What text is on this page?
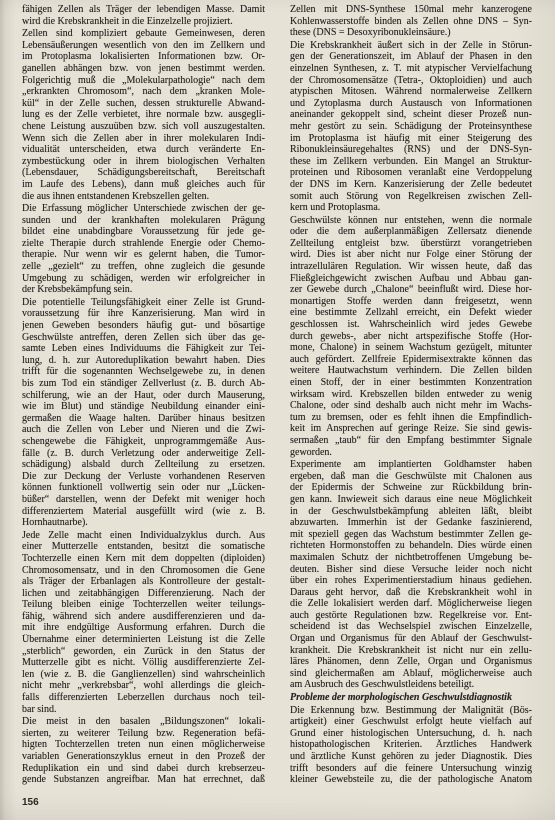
fähigen Zellen als Träger der lebendigen Masse. Damit
wird die Krebskrankheit in die Einzelzelle projiziert.
Zellen sind kompliziert gebaute Gemeinwesen, deren
Lebensäußerungen wesentlich von den im Zellkern und
im Protoplasma lokalisierten Informationen bzw. Or-
ganellen abhängen bzw. von jenen bestimmt werden.
Folgerichtig muß die „Molekularpathologie“ nach dem
„erkrankten Chromosom“, nach dem „kranken Mole-
kül“ in der Zelle suchen, dessen strukturelle Abwand-
lung es der Zelle verbietet, ihre normale bzw. ausgegli-
chene Leistung auszuüben bzw. sich voll auszugestalten.
Wenn sich die Zellen aber in ihrer molekularen Indi-
vidualität unterscheiden, etwa durch veränderte En-
zymbestückung oder in ihrem biologischen Verhalten
(Lebensdauer, Schädigungsbereitschaft, Bereitschaft
im Laufe des Lebens), dann muß gleiches auch für
die aus ihnen entstandenen Krebszellen gelten.
Die Erfassung möglicher Unterschiede zwischen der ge-
sunden und der krankhaften molekularen Prägung
bildet eine unabdingbare Voraussetzung für jede ge-
zielte Therapie durch strahlende Energie oder Chemo-
therapie. Nur wenn wir es gelernt haben, die Tumor-
zelle „gezielt“ zu treffen, ohne zugleich die gesunde
Umgebung zu schädigen, werden wir erfolgreicher in
der Krebsbekämpfung sein.
Die potentielle Teilungsfähigkeit einer Zelle ist Grund-
voraussetzung für ihre Kanzerisierung. Man wird in
jenen Geweben besonders häufig gut- und bösartige
Geschwülste antreffen, deren Zellen sich über das ge-
samte Leben eines Individuums die Fähigkeit zur Tei-
lung, d. h. zur Autoreduplikation bewahrt haben. Dies
trifft für die sogenannten Wechselgewebe zu, in denen
bis zum Tod ein ständiger Zellverlust (z. B. durch Ab-
schilferung, wie an der Haut, oder durch Mauserung,
wie im Blut) und ständige Neubildung einander eini-
germaßen die Waage halten. Darüber hinaus besitzen
auch die Zellen von Leber und Nieren und die Zwi-
schengewebe die Fähigkeit, unprogrammgemäße Aus-
fälle (z. B. durch Verletzung oder anderweitige Zell-
schädigung) alsbald durch Zellteilung zu ersetzen.
Die zur Deckung der Verluste vorhandenen Reserven
können funktionell vollwertig sein oder nur „Lücken-
büßer“ darstellen, wenn der Defekt mit weniger hoch
differenziertem Material ausgefüllt wird (wie z. B.
Hornhautnarbe).
Jede Zelle macht einen Individualzyklus durch. Aus
einer Mutterzelle entstanden, besitzt die somatische
Tochterzelle einen Kern mit dem doppelten (diploiden)
Chromosomensatz, und in den Chromosomen die Gene
als Träger der Erbanlagen als Kontrolleure der gestalt-
lichen und zeitabhängigen Differenzierung. Nach der
Teilung bleiben einige Tochterzellen weiter teilungs-
fähig, während sich andere ausdifferenzieren und da-
mit ihre endgültige Ausformung erfahren. Durch die
Übernahme einer determinierten Leistung ist die Zelle
„sterblich“ geworden, ein Zurück in den Status der
Mutterzelle gibt es nicht. Völlig ausdifferenzierte Zel-
len (wie z. B. die Ganglienzellen) sind wahrscheinlich
nicht mehr „verkrebsbar“, wohl allerdings die gleich-
falls differenzierten Leberzellen durchaus noch teil-
bar sind.
Die meist in den basalen „Bildungszonen“ lokali-
sierten, zu weiterer Teilung bzw. Regeneration befä-
higten Tochterzellen treten nun einen möglicherweise
variablen Generationszyklus erneut in den Prozeß der
Reduplikation ein und sind dabei durch krebserzeu-
gende Substanzen angreifbar. Man hat errechnet, daß
Zellen mit DNS-Synthese 150mal mehr kanzerogene
Kohlenwasserstoffe binden als Zellen ohne DNS – Syn-
these (DNS = Desoxyribonukleinsäure.)
Die Krebskrankheit äußert sich in der Zelle in Störun-
gen der Generationszeit, im Ablauf der Phasen in den
einzelnen Synthesen, z. T. mit atypischer Vervielfachung
der Chromosomensätze (Tetra-, Oktoploidien) und auch
atypischen Mitosen. Während normalerweise Zellkern
und Zytoplasma durch Austausch von Informationen
aneinander gekoppelt sind, scheint dieser Prozeß nun-
mehr gestört zu sein. Schädigung der Proteinsynthese
im Protoplasma ist häufig mit einer Steigerung des
Ribonukleinsäuregehaltes (RNS) und der DNS-Syn-
these im Zellkern verbunden. Ein Mangel an Struktur-
proteinen und Ribosomen veranlaßt eine Verdoppelung
der DNS im Kern. Kanzerisierung der Zelle bedeutet
somit auch Störung von Regelkreisen zwischen Zell-
kern und Protoplasma.
Geschwülste können nur entstehen, wenn die normale
oder die dem außerplanmäßigen Zellersatz dienende
Zellteilung entgleist bzw. überstürzt vorangetrieben
wird. Dies ist aber nicht nur Folge einer Störung der
intrazellulären Regulation. Wir wissen heute, daß das
Fließgleichgewicht zwischen Aufbau und Abbau gan-
zer Gewebe durch „Chalone“ beeinflußt wird. Diese hor-
monartigen Stoffe werden dann freigesetzt, wenn
eine bestimmte Zellzahl erreicht, ein Defekt wieder
geschlossen ist. Wahrscheinlich wird jedes Gewebe
durch gewebs-, aber nicht artspezifische Stoffe (Hor-
mone, Chalone) in seinem Wachstum gezügelt, mitunter
auch gefördert. Zellfreie Epidermisextrakte können das
weitere Hautwachstum verhindern. Die Zellen bilden
einen Stoff, der in einer bestimmten Konzentration
wirksam wird. Krebszellen bilden entweder zu wenig
Chalone, oder sind deshalb auch nicht mehr im Wachs-
tum zu bremsen, oder es fehlt ihnen die Empfindlich-
keit im Ansprechen auf geringe Reize. Sie sind gewis-
sermaßen „taub“ für den Empfang bestimmter Signale
geworden.
Experimente am implantierten Goldhamster haben
ergeben, daß man die Geschwülste mit Chalonen aus
der Epidermis der Schweine zur Rückbildung brin-
gen kann. Inwieweit sich daraus eine neue Möglichkeit
in der Geschwulstbekämpfung ableiten läßt, bleibt
abzuwarten. Immerhin ist der Gedanke faszinierend,
mit speziell gegen das Wachstum bestimmter Zellen ge-
richteten Hormonstoffen zu behandeln. Dies würde einen
maximalen Schutz der nichtbetroffenen Umgebung be-
deuten. Bisher sind diese Versuche leider noch nicht
über ein rohes Experimentierstadium hinaus gediehen.
Daraus geht hervor, daß die Krebskrankheit wohl in
die Zelle lokalisiert werden darf. Möglicherweise liegen
auch gestörte Regulationen bzw. Regelkreise vor. Ent-
scheidend ist das Wechselspiel zwischen Einzelzelle,
Organ und Organismus für den Ablauf der Geschwulst-
krankheit. Die Krebskrankheit ist nicht nur ein zellu-
läres Phänomen, denn Zelle, Organ und Organismus
sind gleichermaßen am Ablauf, möglicherweise auch
am Ausbruch des Geschwulstleidens beteiligt.
Probleme der morphologischen Geschwulstdiagnostik
Die Erkennung bzw. Bestimmung der Malignität (Bös-
artigkeit) einer Geschwulst erfolgt heute vielfach auf
Grund einer histologischen Untersuchung, d. h. nach
histopathologischen Kriterien. Ärztliches Handwerk
und ärztliche Kunst gehören zu jeder Diagnostik. Dies
trifft besonders auf die feinere Untersuchung winzig
kleiner Gewebsteile zu, die der pathologische Anatom
156
